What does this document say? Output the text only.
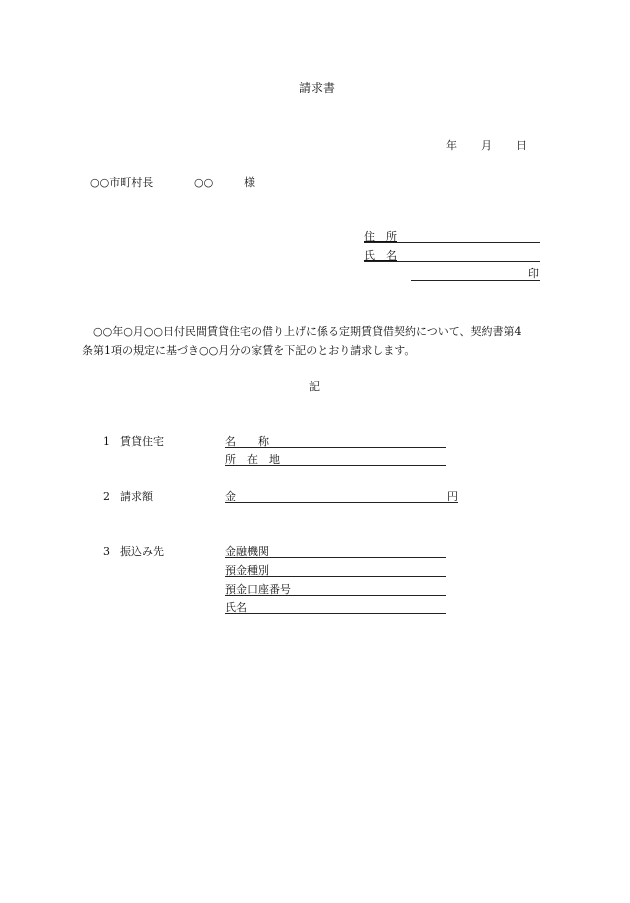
請求書
年 月 日
○○市町村長	○○	様
住　所
氏　名
印
○○年○月○○日付民間賃貸住宅の借り上げに係る定期賃貸借契約について、契約書第4
条第1項の規定に基づき○○月分の家賃を下記のとおり請求します。
記
1 賃貸住宅	名　　称
所　在　地
2 請求額	金	円
3 振込み先	金融機関
預金種別
預金口座番号
氏名
